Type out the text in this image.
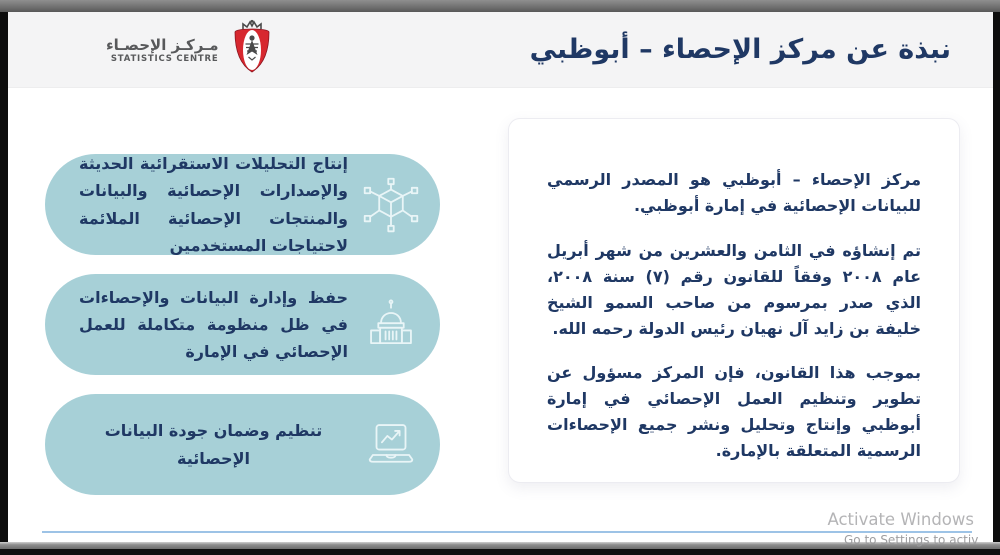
مـركـز الإحصـاء
STATISTICS CENTRE	نبذة عن مركز الإحصاء – أبوظبي
إنتاج التحليلات الاستقرائية الحديثة والإصدارات الإحصائية والبيانات والمنتجات الإحصائية الملائمة لاحتياجات المستخدمين
حفظ وإدارة البيانات والإحصاءات في ظل منظومة متكاملة للعمل الإحصائي في الإمارة
تنظيم وضمان جودة البيانات الإحصائية

مركز الإحصاء – أبوظبي هو المصدر الرسمي للبيانات الإحصائية في إمارة أبوظبي.

تم إنشاؤه في الثامن والعشرين من شهر أبريل عام ٢٠٠٨ وفقاً للقانون رقم (٧) سنة ٢٠٠٨، الذي صدر بمرسوم من صاحب السمو الشيخ خليفة بن زايد آل نهيان رئيس الدولة رحمه الله.

بموجب هذا القانون، فإن المركز مسؤول عن تطوير وتنظيم العمل الإحصائي في إمارة أبوظبي وإنتاج وتحليل ونشر جميع الإحصاءات الرسمية المتعلقة بالإمارة.

Activate Windows
Go to Settings to activ
